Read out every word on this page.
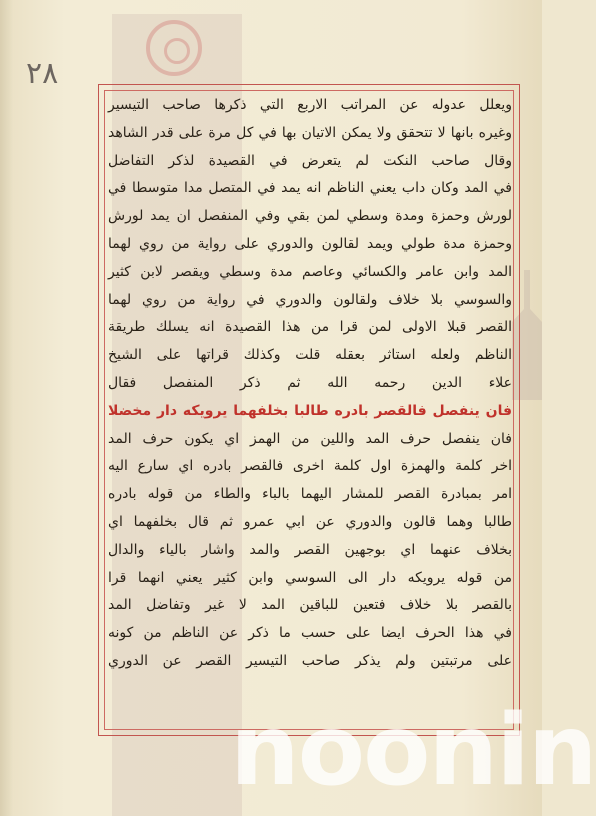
٢٨
ويعلل عدوله عن المراتب الاربع التي ذكرها صاحب التيسير
وغيره بانها لا تتحقق ولا يمكن الاتيان بها في كل مرة على قدر الشاهد
وقال صاحب النكت لم يتعرض في القصيدة لذكر التفاضل
في المد وكان داب يعني الناظم انه يمد في المتصل مدا متوسطا في
لورش وحمزة ومدة وسطي لمن بقي وفي المنفصل ان يمد لورش
وحمزة مدة طولي ويمد لقالون والدوري على رواية من روي لهما
المد وابن عامر والكسائي وعاصم مدة وسطي ويقصر لابن كثير
والسوسي بلا خلاف ولقالون والدوري في رواية من روي لهما
القصر قبلا الاولى لمن قرا من هذا القصيدة انه يسلك طريقة
الناظم ولعله استاثر بعقله قلت وكذلك قراتها على الشيخ
علاء الدين رحمه الله ثم ذكر المنفصل فقال
فان ينفصل فالقصر بادره طالبا بخلفهما يرويكه دار مخضلا
فان ينفصل حرف المد واللين من الهمز اي يكون حرف المد
اخر كلمة والهمزة اول كلمة اخرى فالقصر بادره اي سارع اليه
امر بمبادرة القصر للمشار اليهما بالباء والطاء من قوله بادره
طالبا وهما قالون والدوري عن ابي عمرو ثم قال بخلفهما اي
بخلاف عنهما اي بوجهين القصر والمد واشار بالياء والدال
من قوله يرويكه دار الى السوسي وابن كثير يعني انهما قرا
بالقصر بلا خلاف فتعين للباقين المد لا غير وتفاضل المد
في هذا الحرف ايضا على حسب ما ذكر عن الناظم من كونه
على مرتبتين ولم يذكر صاحب التيسير القصر عن الدوري
noonin
